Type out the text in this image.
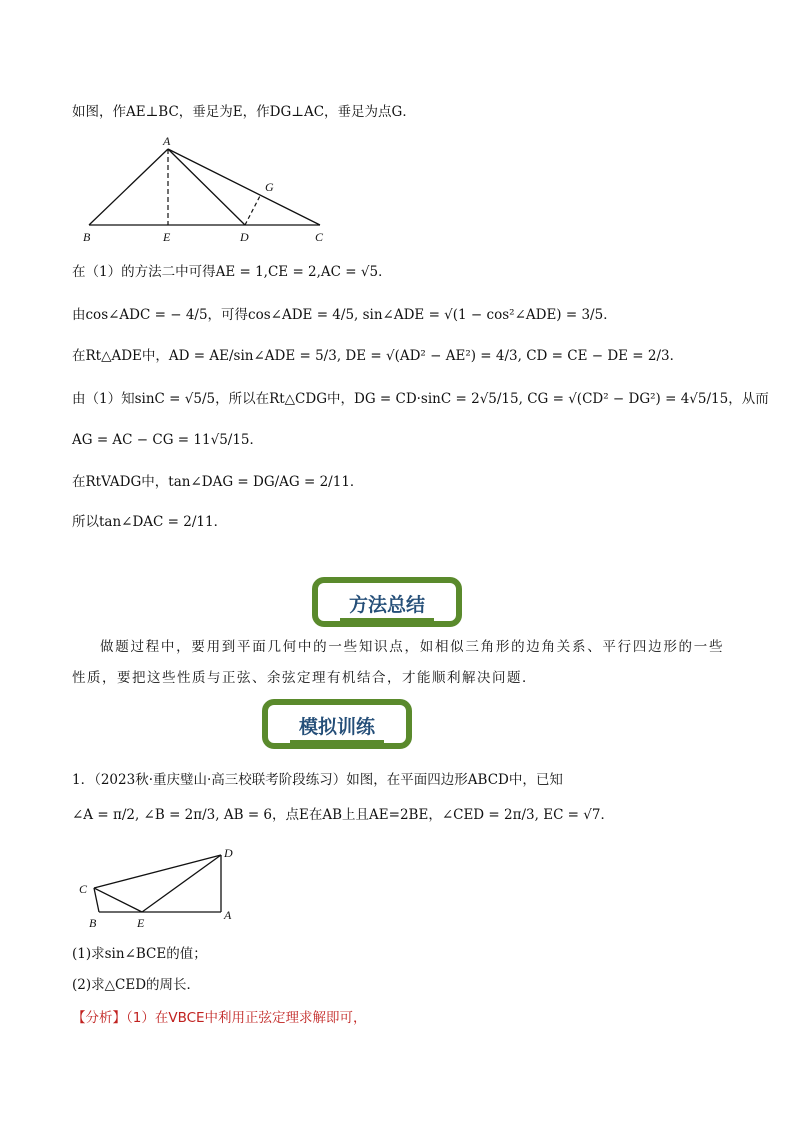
如图，作AE⊥BC，垂足为E，作DG⊥AC，垂足为点G．
A
B	E	D	C
G
在（1）的方法二中可得AE = 1,CE = 2,AC = √5．
由cos∠ADC = − 4/5，可得cos∠ADE = 4/5, sin∠ADE = √(1 − cos²∠ADE) = 3/5．
在Rt△ADE中，AD = AE/sin∠ADE = 5/3, DE = √(AD² − AE²) = 4/3, CD = CE − DE = 2/3．
由（1）知sinC = √5/5，所以在Rt△CDG中，DG = CD·sinC = 2√5/15, CG = √(CD² − DG²) = 4√5/15，从而
AG = AC − CG = 11√5/15．
在RtVADG中，tan∠DAG = DG/AG = 2/11．
所以tan∠DAC = 2/11．
方法总结
做题过程中，要用到平面几何中的一些知识点，如相似三角形的边角关系、平行四边形的一些性质，要把这些性质与正弦、余弦定理有机结合，才能顺利解决问题．
模拟训练
1．（2023秋·重庆璧山·高三校联考阶段练习）如图，在平面四边形ABCD中，已知
∠A = π/2, ∠B = 2π/3, AB = 6，点E在AB上且AE=2BE，∠CED = 2π/3, EC = √7．
D
C
B	E
A
(1)求sin∠BCE的值；
(2)求△CED的周长．
【分析】（1）在VBCE中利用正弦定理求解即可，
